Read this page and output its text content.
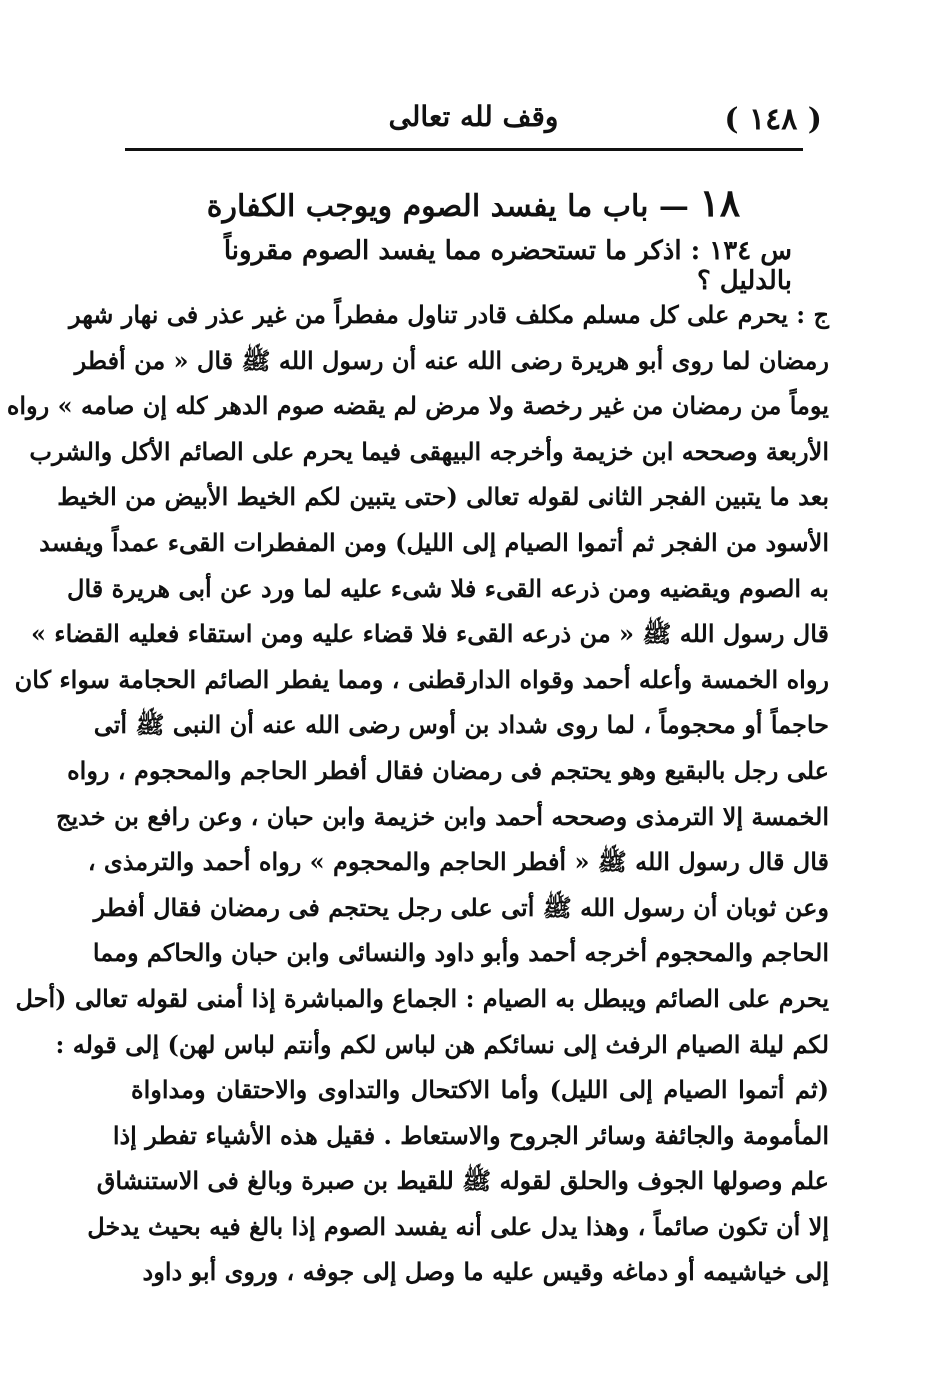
( ١٤٨ )
وقف لله تعالى
١٨ — باب ما يفسد الصوم ويوجب الكفارة
س ١٣٤ : اذكر ما تستحضره مما يفسد الصوم مقروناً بالدليل ؟
ج : يحرم على كل مسلم مكلف قادر تناول مفطراً من غير عذر فى نهار شهر
رمضان لما روى أبو هريرة رضى الله عنه أن رسول الله ﷺ قال « من أفطر
يوماً من رمضان من غير رخصة ولا مرض لم يقضه صوم الدهر كله إن صامه » رواه
الأربعة وصححه ابن خزيمة وأخرجه البيهقى فيما يحرم على الصائم الأكل والشرب
بعد ما يتبين الفجر الثانى لقوله تعالى (حتى يتبين لكم الخيط الأبيض من الخيط
الأسود من الفجر ثم أتموا الصيام إلى الليل) ومن المفطرات القىء عمداً ويفسد
به الصوم ويقضيه ومن ذرعه القىء فلا شىء عليه لما ورد عن أبى هريرة قال
قال رسول الله ﷺ « من ذرعه القىء فلا قضاء عليه ومن استقاء فعليه القضاء »
رواه الخمسة وأعله أحمد وقواه الدارقطنى ، ومما يفطر الصائم الحجامة سواء كان
حاجماً أو محجوماً ، لما روى شداد بن أوس رضى الله عنه أن النبى ﷺ أتى
على رجل بالبقيع وهو يحتجم فى رمضان فقال أفطر الحاجم والمحجوم ، رواه
الخمسة إلا الترمذى وصححه أحمد وابن خزيمة وابن حبان ، وعن رافع بن خديج
قال قال رسول الله ﷺ « أفطر الحاجم والمحجوم » رواه أحمد والترمذى ،
وعن ثوبان أن رسول الله ﷺ أتى على رجل يحتجم فى رمضان فقال أفطر
الحاجم والمحجوم أخرجه أحمد وأبو داود والنسائى وابن حبان والحاكم ومما
يحرم على الصائم ويبطل به الصيام : الجماع والمباشرة إذا أمنى لقوله تعالى (أحل
لكم ليلة الصيام الرفث إلى نسائكم هن لباس لكم وأنتم لباس لهن) إلى قوله :
(ثم أتموا الصيام إلى الليل) وأما الاكتحال والتداوى والاحتقان ومداواة
المأمومة والجائفة وسائر الجروح والاستعاط . فقيل هذه الأشياء تفطر إذا
علم وصولها الجوف والحلق لقوله ﷺ للقيط بن صبرة وبالغ فى الاستنشاق
إلا أن تكون صائماً ، وهذا يدل على أنه يفسد الصوم إذا بالغ فيه بحيث يدخل
إلى خياشيمه أو دماغه وقيس عليه ما وصل إلى جوفه ، وروى أبو داود
